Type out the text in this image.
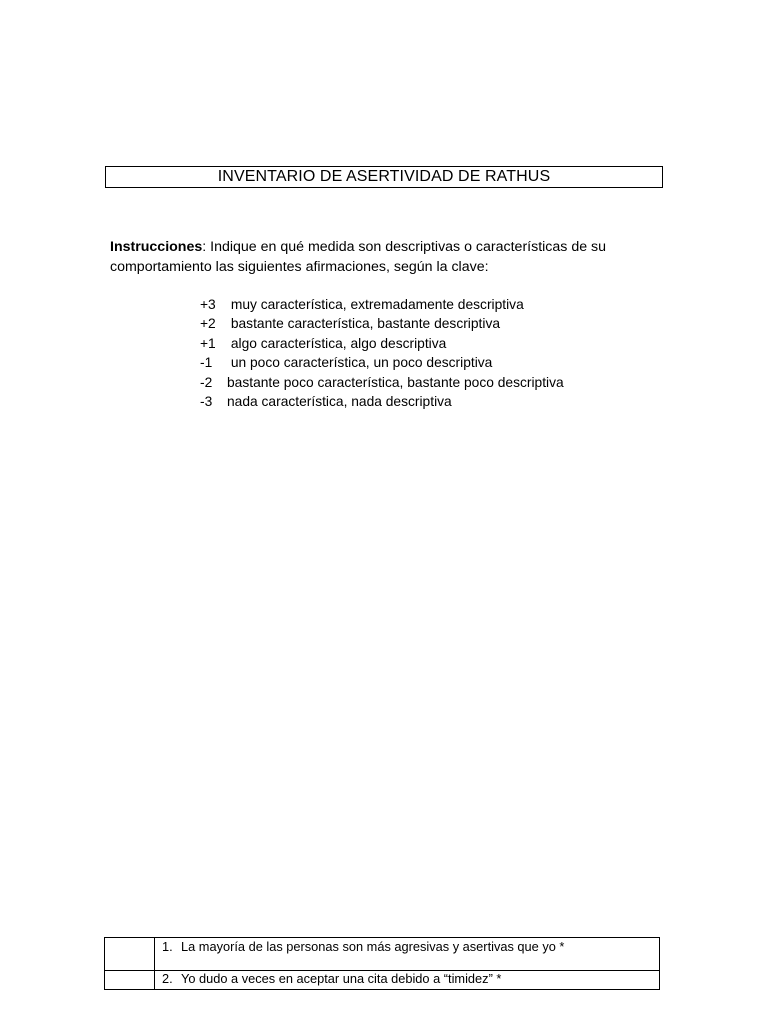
INVENTARIO DE ASERTIVIDAD DE RATHUS
Instrucciones: Indique en qué medida son descriptivas o características de su comportamiento las siguientes afirmaciones, según la clave:
+3 muy característica, extremadamente descriptiva
+2 bastante característica, bastante descriptiva
+1 algo característica, algo descriptiva
-1 un poco característica, un poco descriptiva
-2 bastante poco característica, bastante poco descriptiva
-3 nada característica, nada descriptiva
	1. La mayoría de las personas son más agresivas y asertivas que yo *
	2. Yo dudo a veces en aceptar una cita debido a “timidez” *
